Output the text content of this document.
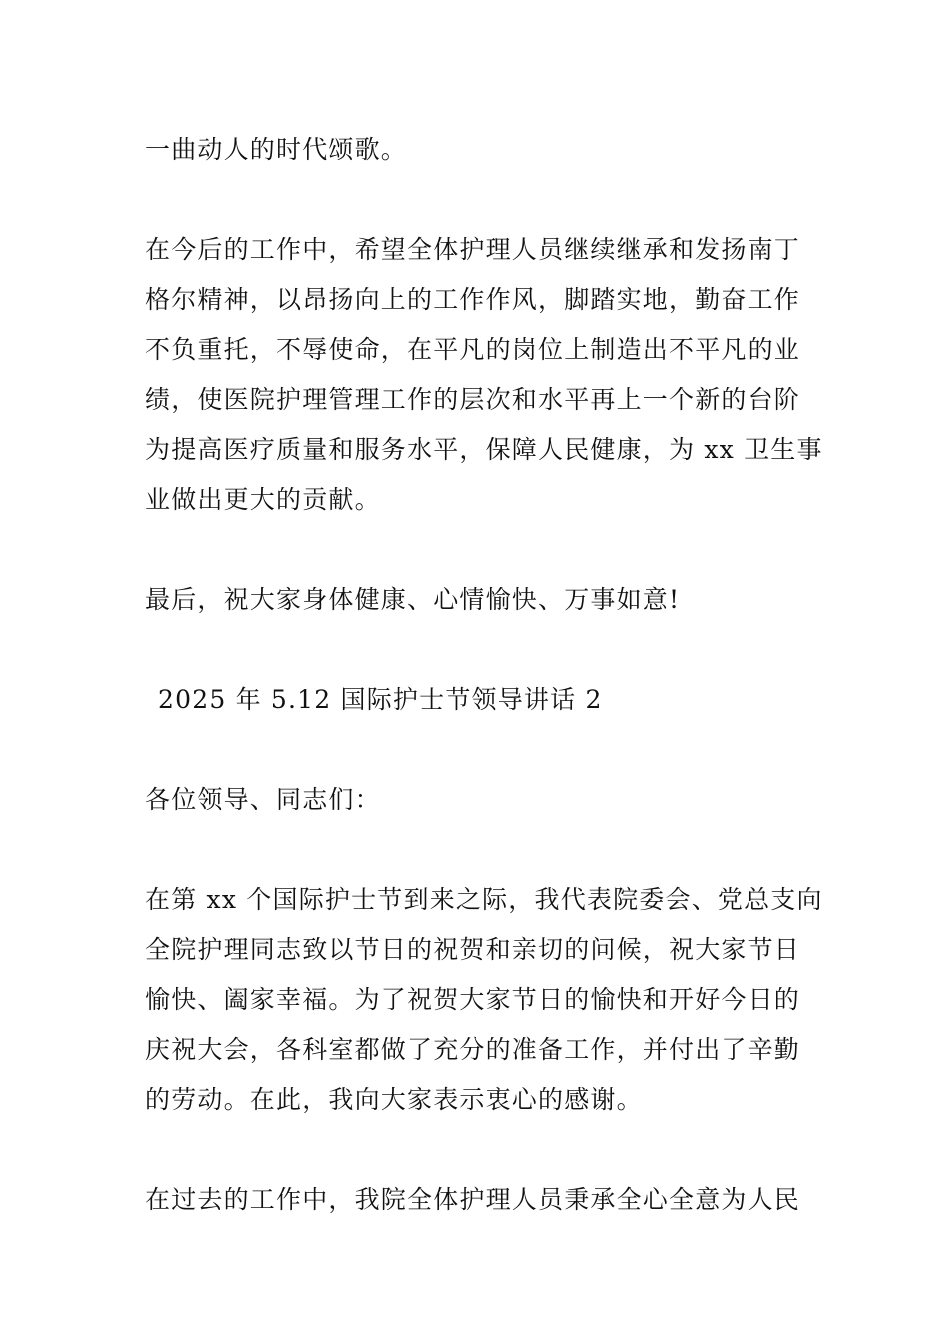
一曲动人的时代颂歌。
在今后的工作中，希望全体护理人员继续继承和发扬南丁
格尔精神，以昂扬向上的工作作风，脚踏实地，勤奋工作
不负重托，不辱使命，在平凡的岗位上制造出不平凡的业
绩，使医院护理管理工作的层次和水平再上一个新的台阶
为提高医疗质量和服务水平，保障人民健康，为 xx 卫生事
业做出更大的贡献。
最后，祝大家身体健康、心情愉快、万事如意!
2025 年 5.12 国际护士节领导讲话 2
各位领导、同志们：
在第 xx 个国际护士节到来之际，我代表院委会、党总支向
全院护理同志致以节日的祝贺和亲切的问候，祝大家节日
愉快、阖家幸福。为了祝贺大家节日的愉快和开好今日的
庆祝大会，各科室都做了充分的准备工作，并付出了辛勤
的劳动。在此，我向大家表示衷心的感谢。
在过去的工作中，我院全体护理人员秉承全心全意为人民
